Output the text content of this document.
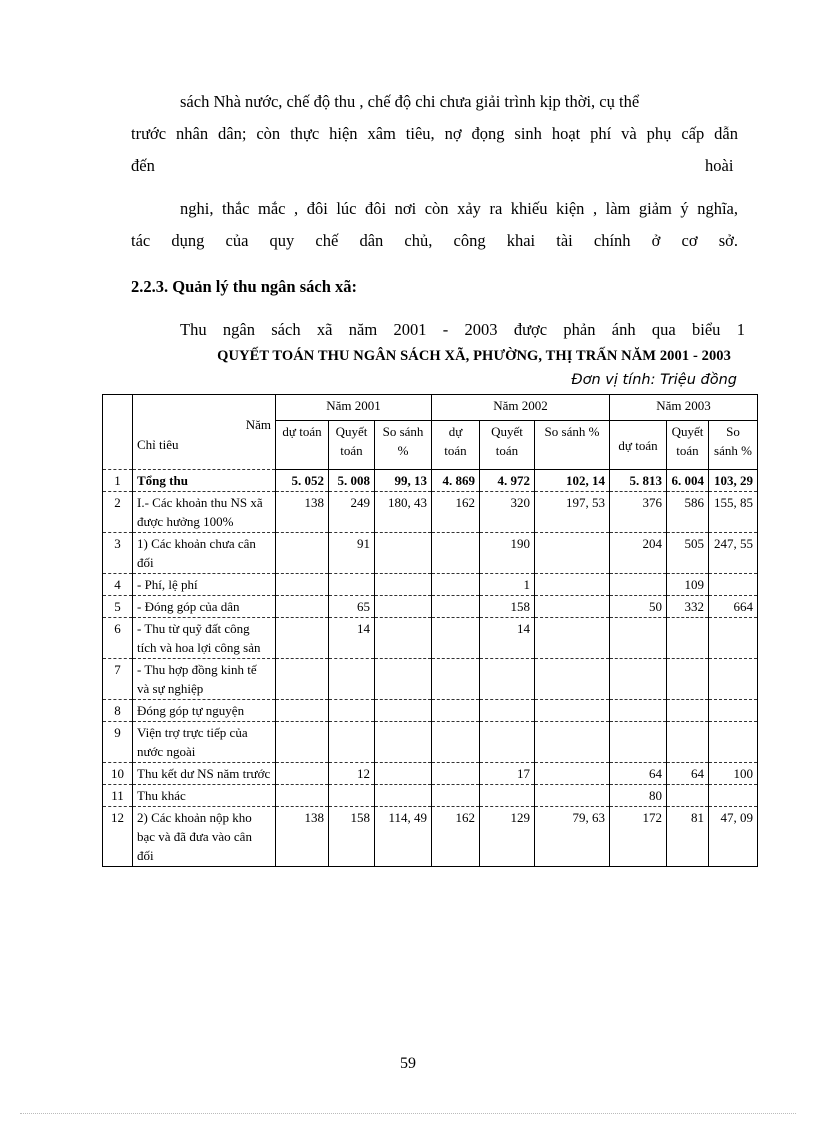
sách Nhà nước, chế độ thu , chế độ chi chưa giải trình kịp thời, cụ thể
trước nhân dân; còn thực hiện xâm tiêu, nợ đọng sinh hoạt phí và phụ cấp dẫn
đến	hoài
nghi, thắc mắc , đôi lúc đôi nơi còn xảy ra khiếu kiện , làm giảm ý nghĩa,
tác dụng của quy chế dân chủ, công khai tài chính ở cơ sở.
2.2.3. Quản lý thu ngân sách xã:
Thu ngân sách xã năm 2001 - 2003 được phản ánh qua biểu 1
QUYẾT TOÁN THU NGÂN SÁCH XÃ, PHƯỜNG, THỊ TRẤN NĂM 2001 - 2003
Đơn vị tính: Triệu đồng

	Năm
Chỉ tiêu	Năm 2001			Năm 2002			Năm 2003		
		dự toán	Quyết toán	So sánh %	dự toán	Quyết toán	So sánh %	dự toán	Quyết toán	So sánh %
1	Tổng thu	5. 052	5. 008	99, 13	4. 869	4. 972	102, 14	5. 813	6. 004	103, 29
2	I.- Các khoản thu NS xã được hưởng 100%	138	249	180, 43	162	320	197, 53	376	586	155, 85
3	1) Các khoản chưa cân đối		91			190		204	505	247, 55
4	- Phí, lệ phí					1			109	
5	- Đóng góp của dân		65			158		50	332	664
6	- Thu từ quỹ đất công tích và hoa lợi công sản		14			14				
7	- Thu hợp đồng kinh tế và sự nghiệp									
8	Đóng góp tự nguyện									
9	Viện trợ trực tiếp của nước ngoài									
10	Thu kết dư NS năm trước		12			17		64	64	100
11	Thu khác							80		
12	2) Các khoản nộp kho bạc và đã đưa vào cân đối	138	158	114, 49	162	129	79, 63	172	81	47, 09
59
